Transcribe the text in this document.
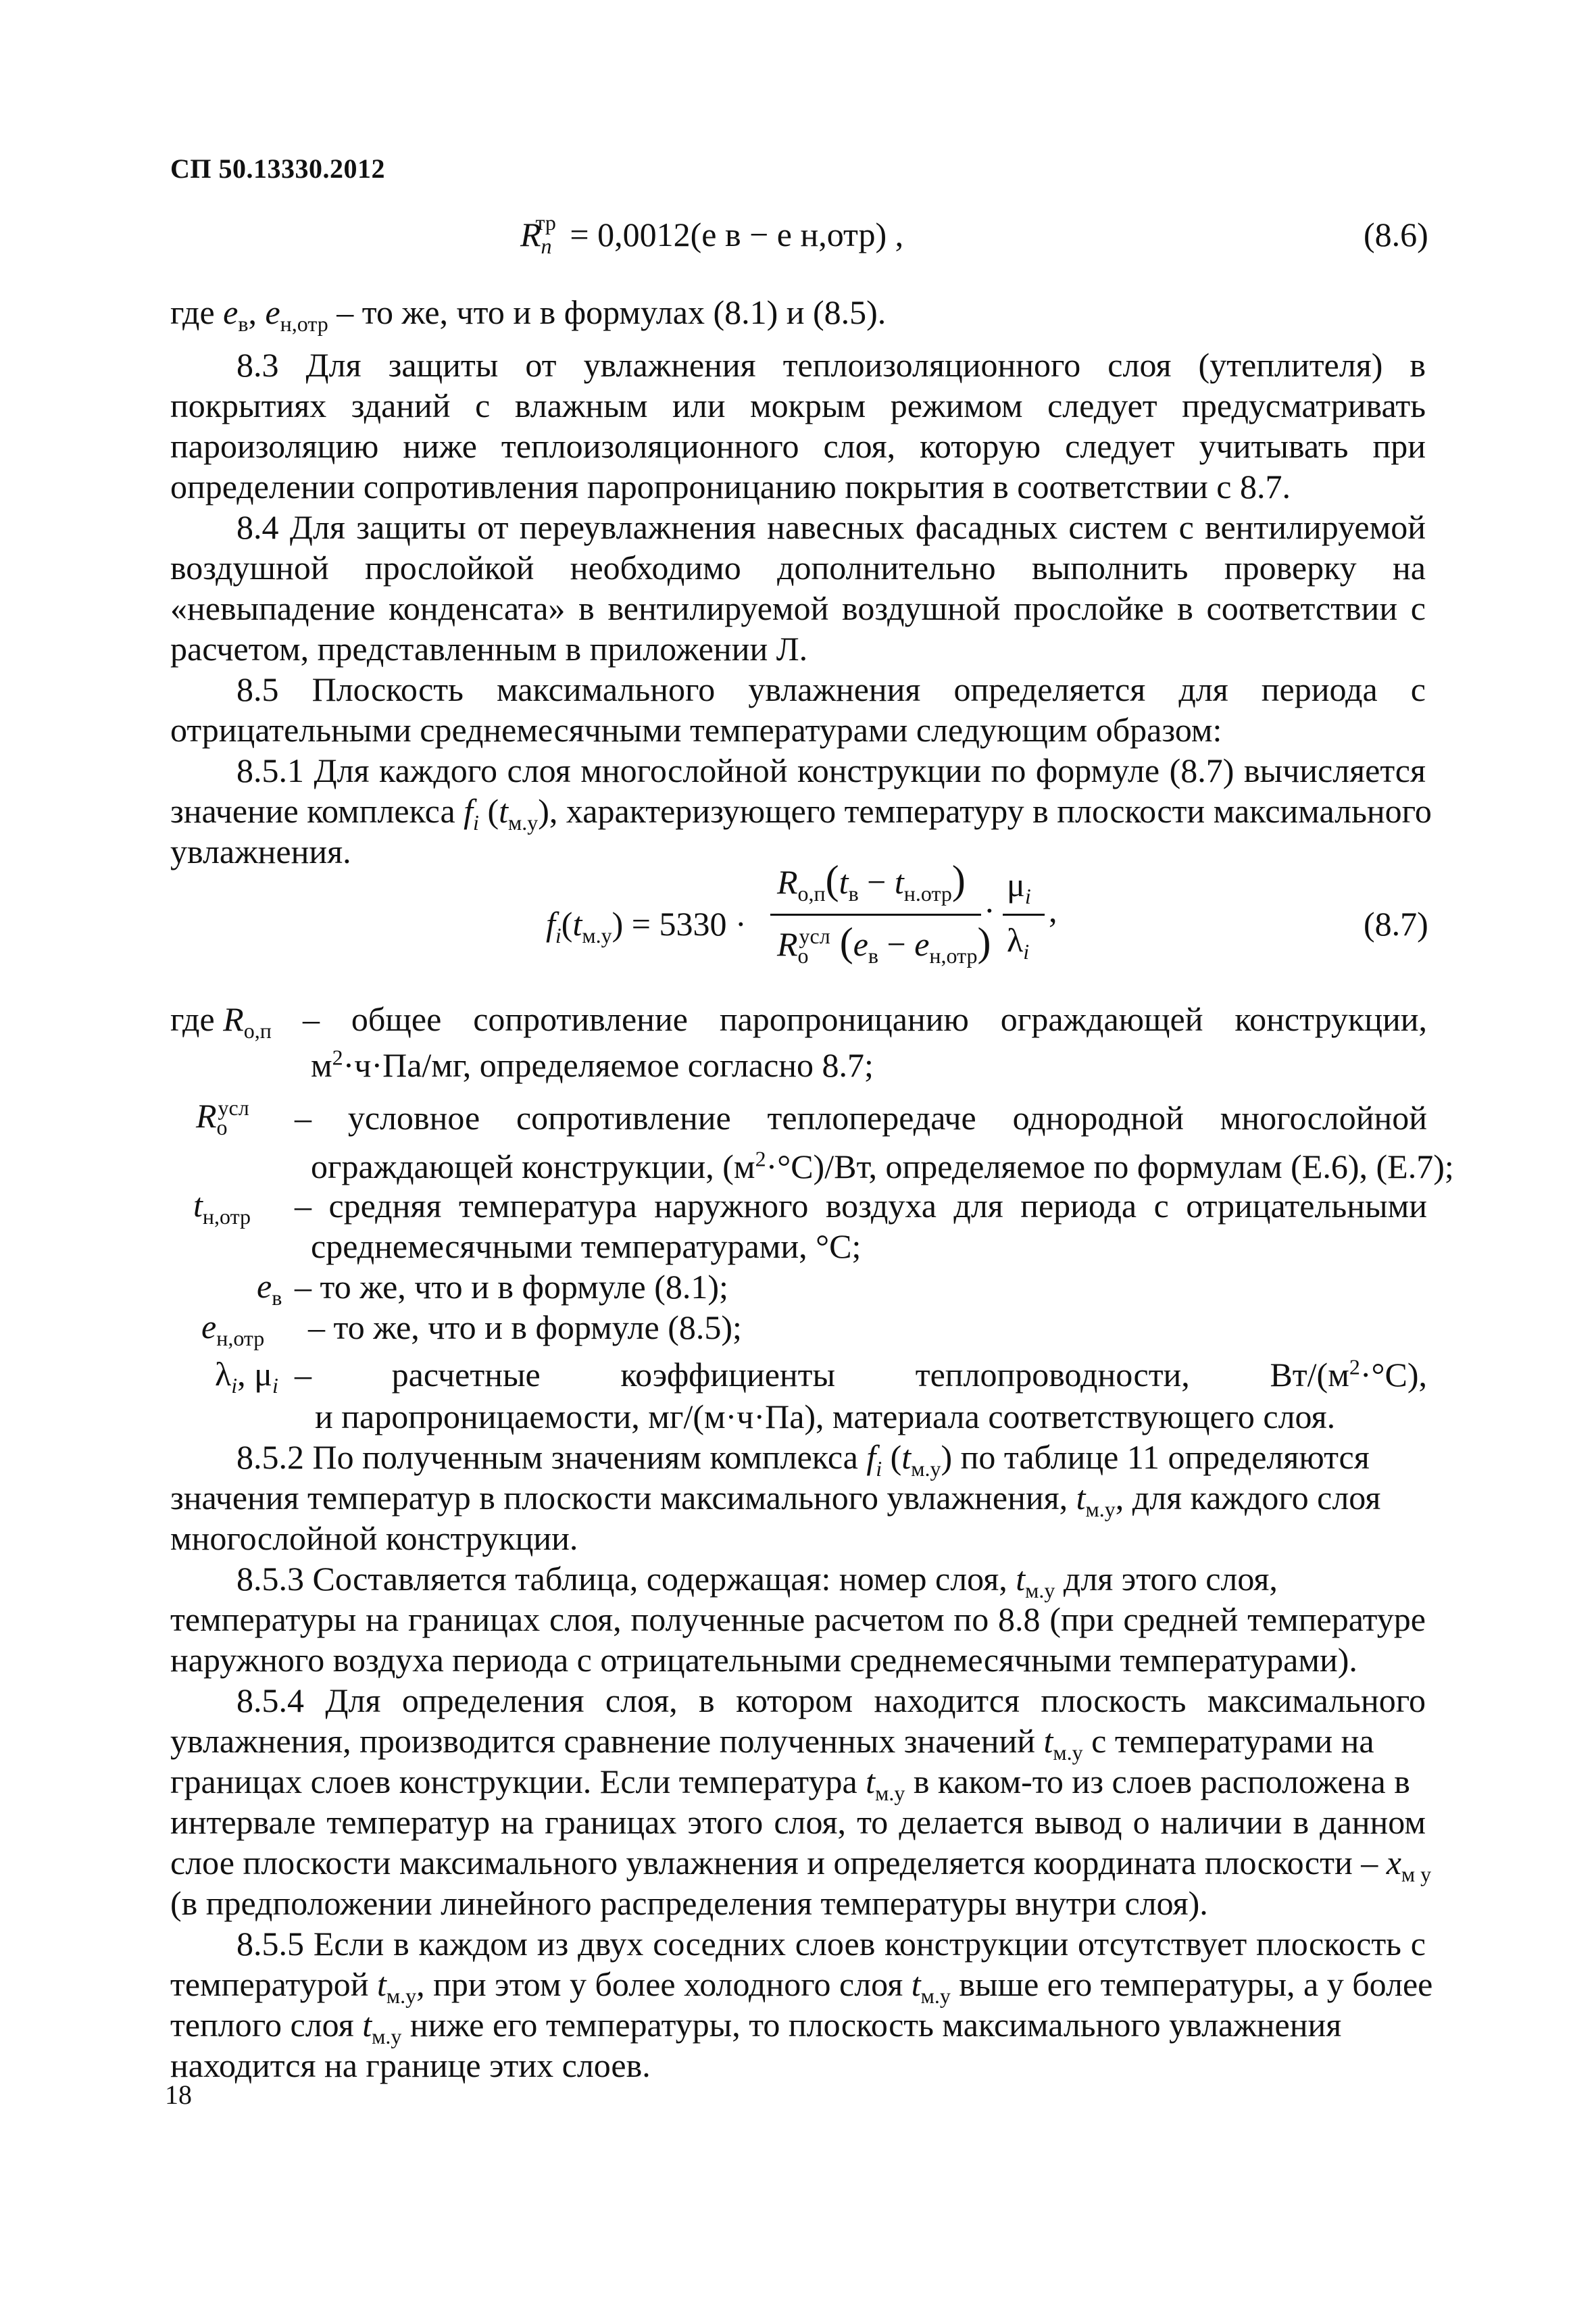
СП 50.13330.2012
$R_n^{тр} = 0,0012(e$ в − e н,отр) ,	(8.6)
где $e_в$, $e_{н,отр}$ – то же, что и в формулах (8.1) и (8.5).
8.3 Для защиты от увлажнения теплоизоляционного слоя (утеплителя) в
покрытиях зданий с влажным или мокрым режимом следует предусматривать
пароизоляцию ниже теплоизоляционного слоя, которую следует учитывать при
определении сопротивления паропроницанию покрытия в соответствии с 8.7.
8.4 Для защиты от переувлажнения навесных фасадных систем с вентилируемой
воздушной прослойкой необходимо дополнительно выполнить проверку на
«невыпадение конденсата» в вентилируемой воздушной прослойке в соответствии с
расчетом, представленным в приложении Л.
8.5 Плоскость максимального увлажнения определяется для периода с
отрицательными среднемесячными температурами следующим образом:
8.5.1 Для каждого слоя многослойной конструкции по формуле (8.7) вычисляется
значение комплекса $f_i$ $(t_{м.у})$, характеризующего температуру в плоскости максимального
увлажнения.
$f_i(t_{м.у}) = 5330$ ·
$R_{о,п}(t_в - t_{н.отр})$
$R_о^{усл}$ $(e_в - e_{н,отр})$
·
$\mu_i$
$\lambda_i$
,	(8.7)
где $R_{о,п}$ – общее сопротивление паропроницанию ограждающей конструкции,
$м^2\cdot ч\cdot Па/мг$, определяемое согласно 8.7;
$R_о^{усл}$ – условное сопротивление теплопередаче однородной многослойной
ограждающей конструкции, $(м^2\cdot^\circ С)/Вт$, определяемое по формулам (Е.6), (Е.7);
$t_{н,отр}$ – средняя температура наружного воздуха для периода с отрицательными
среднемесячными температурами, °С;
$e_в$ – то же, что и в формуле (8.1);
$e_{н,отр}$ – то же, что и в формуле (8.5);
$\lambda_i$, $\mu_i$ – расчетные коэффициенты теплопроводности, $Вт/(м^2\cdot^\circ С)$,
и паропроницаемости, мг/(м·ч·Па), материала соответствующего слоя.
8.5.2 По полученным значениям комплекса $f_i$ $(t_{м.у})$ по таблице 11 определяются
значения температур в плоскости максимального увлажнения, $t_{м.у}$, для каждого слоя
многослойной конструкции.
8.5.3 Составляется таблица, содержащая: номер слоя, $t_{м.у}$ для этого слоя,
температуры на границах слоя, полученные расчетом по 8.8 (при средней температуре
наружного воздуха периода с отрицательными среднемесячными температурами).
8.5.4 Для определения слоя, в котором находится плоскость максимального
увлажнения, производится сравнение полученных значений $t_{м.у}$ с температурами на
границах слоев конструкции. Если температура $t_{м.у}$ в каком-то из слоев расположена в
интервале температур на границах этого слоя, то делается вывод о наличии в данном
слое плоскости максимального увлажнения и определяется координата плоскости – $x_{м у}$
(в предположении линейного распределения температуры внутри слоя).
8.5.5 Если в каждом из двух соседних слоев конструкции отсутствует плоскость с
температурой $t_{м.у}$, при этом у более холодного слоя $t_{м.у}$ выше его температуры, а у более
теплого слоя $t_{м.у}$ ниже его температуры, то плоскость максимального увлажнения
находится на границе этих слоев.
18
